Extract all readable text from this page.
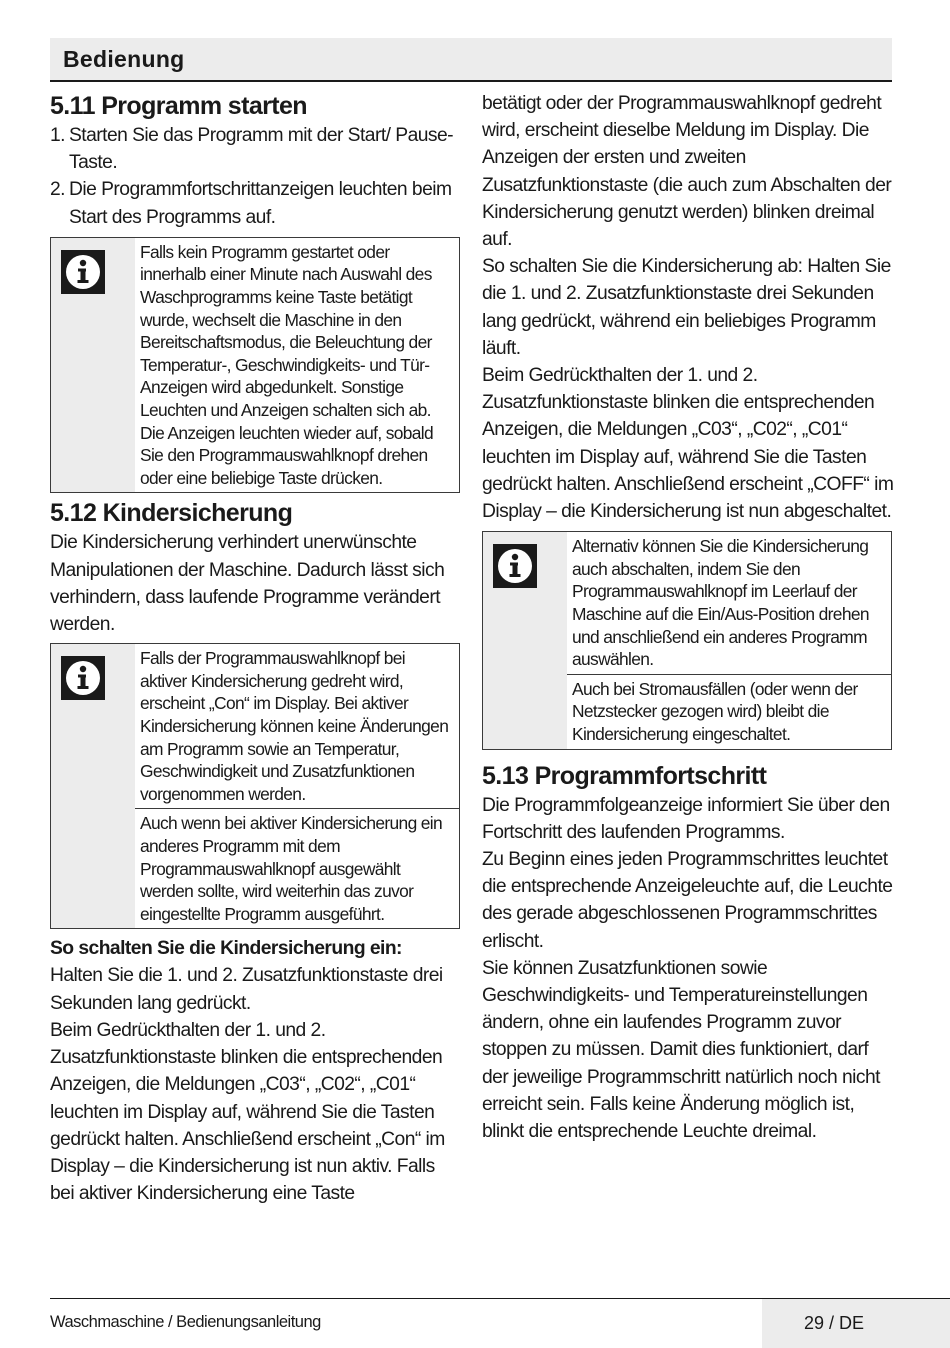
Bedienung
5.11 Programm starten
1. Starten Sie das Programm mit der Start/ Pause-Taste.
2. Die Programmfortschrittanzeigen leuchten beim Start des Programms auf.

Falls kein Programm gestartet oder innerhalb einer Minute nach Auswahl des Waschprogramms keine Taste betätigt wurde, wechselt die Maschine in den Bereitschaftsmodus, die Beleuchtung der Temperatur-, Geschwindigkeits- und Tür-Anzeigen wird abgedunkelt. Sonstige Leuchten und Anzeigen schalten sich ab. Die Anzeigen leuchten wieder auf, sobald Sie den Programmauswahlknopf drehen oder eine beliebige Taste drücken.

5.12 Kindersicherung

Die Kindersicherung verhindert unerwünschte Manipulationen der Maschine. Dadurch lässt sich verhindern, dass laufende Programme verändert werden.

Falls der Programmauswahlknopf bei aktiver Kindersicherung gedreht wird, erscheint „Con“ im Display. Bei aktiver Kindersicherung können keine Änderungen am Programm sowie an Temperatur, Geschwindigkeit und Zusatzfunktionen vorgenommen werden.

Auch wenn bei aktiver Kindersicherung ein anderes Programm mit dem Programmauswahlknopf ausgewählt werden sollte, wird weiterhin das zuvor eingestellte Programm ausgeführt.

So schalten Sie die Kindersicherung ein:

Halten Sie die 1. und 2. Zusatzfunktionstaste drei Sekunden lang gedrückt.

Beim Gedrückthalten der 1. und 2. Zusatzfunktionstaste blinken die entsprechenden Anzeigen, die Meldungen „C03“, „C02“, „C01“ leuchten im Display auf, während Sie die Tasten gedrückt halten. Anschließend erscheint „Con“ im Display – die Kindersicherung ist nun aktiv. Falls bei aktiver Kindersicherung eine Taste

betätigt oder der Programmauswahlknopf gedreht wird, erscheint dieselbe Meldung im Display. Die Anzeigen der ersten und zweiten Zusatzfunktionstaste (die auch zum Abschalten der Kindersicherung genutzt werden) blinken dreimal auf.

So schalten Sie die Kindersicherung ab: Halten Sie die 1. und 2. Zusatzfunktionstaste drei Sekunden lang gedrückt, während ein beliebiges Programm läuft.

Beim Gedrückthalten der 1. und 2. Zusatzfunktionstaste blinken die entsprechenden Anzeigen, die Meldungen „C03“, „C02“, „C01“ leuchten im Display auf, während Sie die Tasten gedrückt halten. Anschließend erscheint „COFF“ im Display – die Kindersicherung ist nun abgeschaltet.

Alternativ können Sie die Kindersicherung auch abschalten, indem Sie den Programmauswahlknopf im Leerlauf der Maschine auf die Ein/Aus-Position drehen und anschließend ein anderes Programm auswählen.

Auch bei Stromausfällen (oder wenn der Netzstecker gezogen wird) bleibt die Kindersicherung eingeschaltet.

5.13 Programmfortschritt

Die Programmfolgeanzeige informiert Sie über den Fortschritt des laufenden Programms.

Zu Beginn eines jeden Programmschrittes leuchtet die entsprechende Anzeigeleuchte auf, die Leuchte des gerade abgeschlossenen Programmschrittes erlischt.

Sie können Zusatzfunktionen sowie Geschwindigkeits- und Temperatureinstellungen ändern, ohne ein laufendes Programm zuvor stoppen zu müssen. Damit dies funktioniert, darf der jeweilige Programmschritt natürlich noch nicht erreicht sein. Falls keine Änderung möglich ist, blinkt die entsprechende Leuchte dreimal.

Waschmaschine / Bedienungsanleitung	29 / DE
